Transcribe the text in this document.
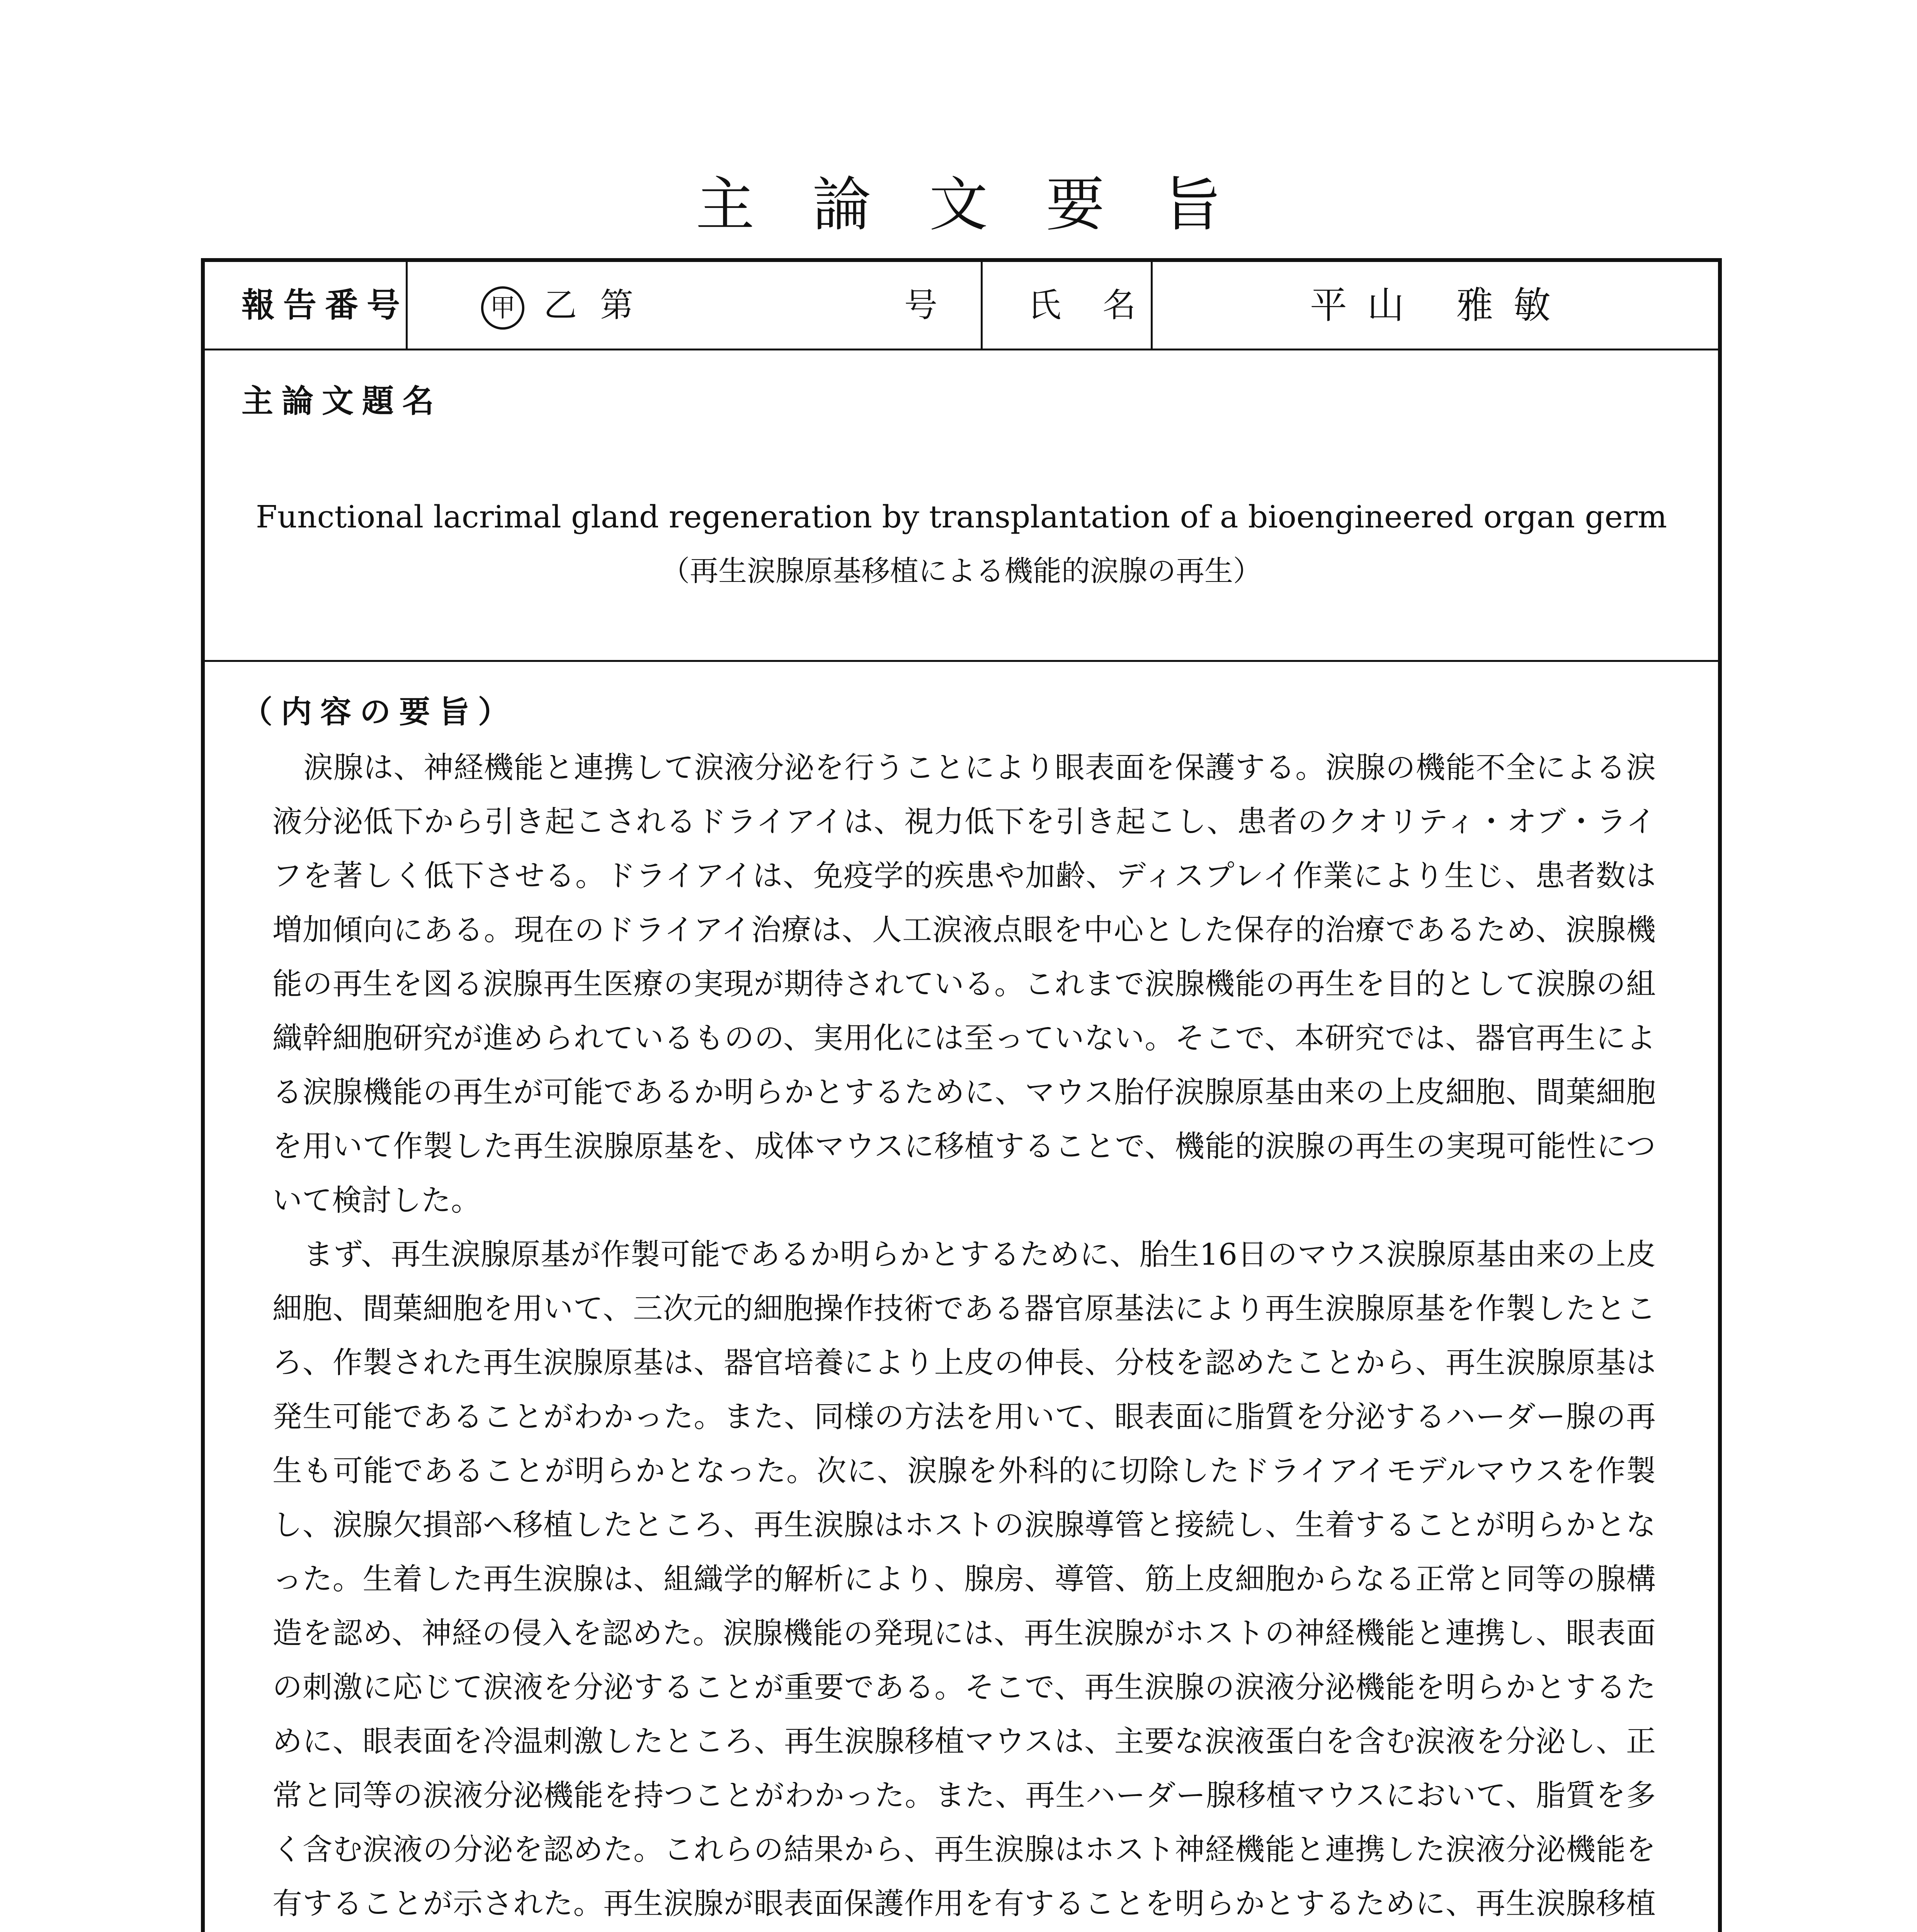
主論文要旨
報告番号	甲 乙 第	号	氏 名	平山 雅敏
主論文題名
Functional lacrimal gland regeneration by transplantation of a bioengineered organ germ
（再生涙腺原基移植による機能的涙腺の再生）
（内容の要旨）

涙腺は、神経機能と連携して涙液分泌を行うことにより眼表面を保護する。涙腺の機能不全による涙液分泌低下から引き起こされるドライアイは、視力低下を引き起こし、患者のクオリティ・オブ・ライフを著しく低下させる。ドライアイは、免疫学的疾患や加齢、ディスプレイ作業により生じ、患者数は増加傾向にある。現在のドライアイ治療は、人工涙液点眼を中心とした保存的治療であるため、涙腺機能の再生を図る涙腺再生医療の実現が期待されている。これまで涙腺機能の再生を目的として涙腺の組織幹細胞研究が進められているものの、実用化には至っていない。そこで、本研究では、器官再生による涙腺機能の再生が可能であるか明らかとするために、マウス胎仔涙腺原基由来の上皮細胞、間葉細胞を用いて作製した再生涙腺原基を、成体マウスに移植することで、機能的涙腺の再生の実現可能性について検討した。

まず、再生涙腺原基が作製可能であるか明らかとするために、胎生16日のマウス涙腺原基由来の上皮細胞、間葉細胞を用いて、三次元的細胞操作技術である器官原基法により再生涙腺原基を作製したところ、作製された再生涙腺原基は、器官培養により上皮の伸長、分枝を認めたことから、再生涙腺原基は発生可能であることがわかった。また、同様の方法を用いて、眼表面に脂質を分泌するハーダー腺の再生も可能であることが明らかとなった。次に、涙腺を外科的に切除したドライアイモデルマウスを作製し、涙腺欠損部へ移植したところ、再生涙腺はホストの涙腺導管と接続し、生着することが明らかとなった。生着した再生涙腺は、組織学的解析により、腺房、導管、筋上皮細胞からなる正常と同等の腺構造を認め、神経の侵入を認めた。涙腺機能の発現には、再生涙腺がホストの神経機能と連携し、眼表面の刺激に応じて涙液を分泌することが重要である。そこで、再生涙腺の涙液分泌機能を明らかとするために、眼表面を冷温刺激したところ、再生涙腺移植マウスは、主要な涙液蛋白を含む涙液を分泌し、正常と同等の涙液分泌機能を持つことがわかった。また、再生ハーダー腺移植マウスにおいて、脂質を多く含む涙液の分泌を認めた。これらの結果から、再生涙腺はホスト神経機能と連携した涙液分泌機能を有することが示された。再生涙腺が眼表面保護作用を有することを明らかとするために、再生涙腺移植
